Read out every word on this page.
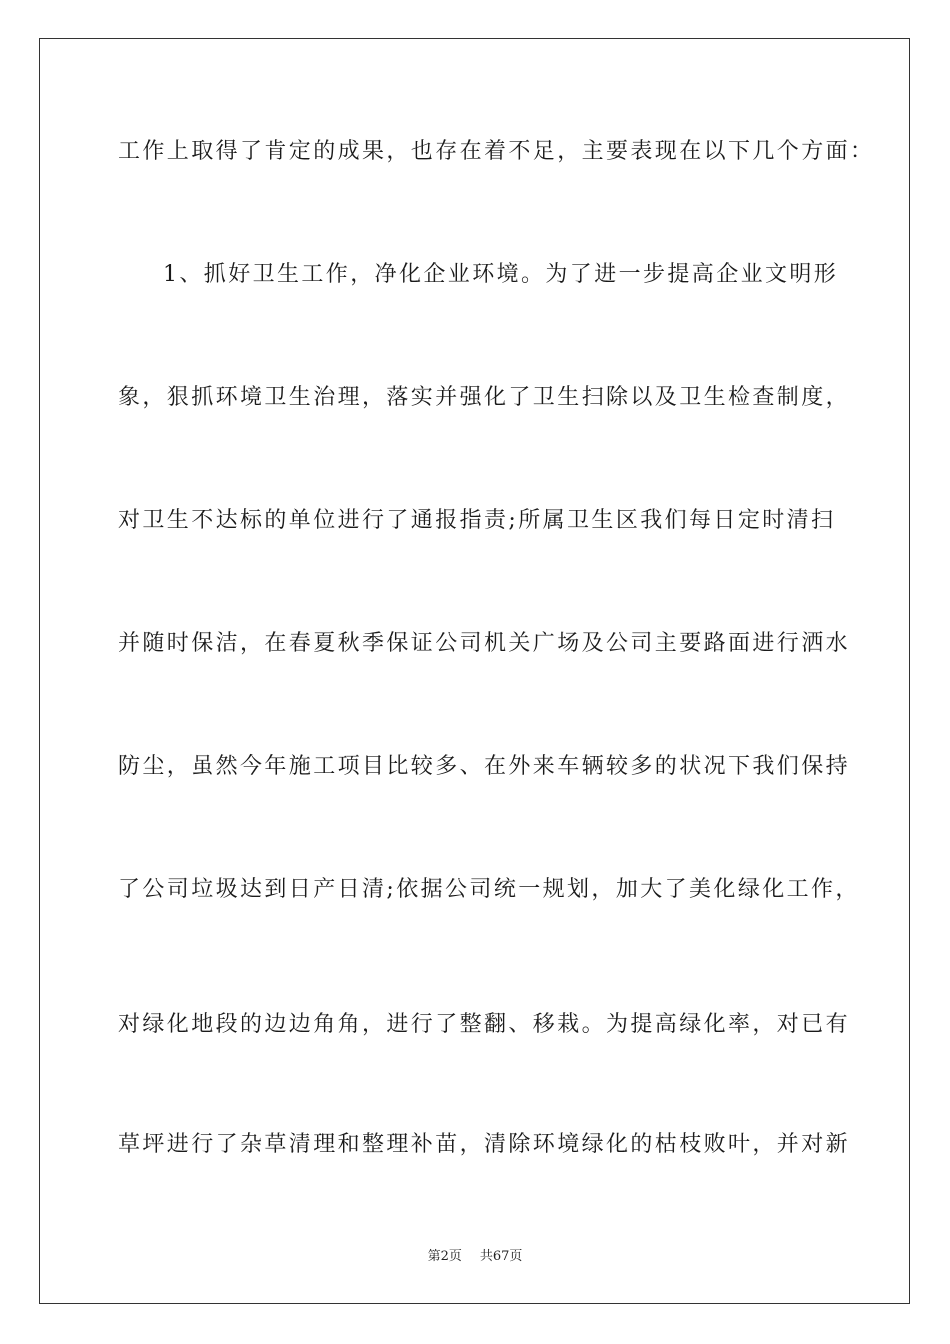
工作上取得了肯定的成果，也存在着不足，主要表现在以下几个方面：
1、抓好卫生工作，净化企业环境。为了进一步提高企业文明形
象，狠抓环境卫生治理，落实并强化了卫生扫除以及卫生检查制度，
对卫生不达标的单位进行了通报指责;所属卫生区我们每日定时清扫
并随时保洁，在春夏秋季保证公司机关广场及公司主要路面进行洒水
防尘，虽然今年施工项目比较多、在外来车辆较多的状况下我们保持
了公司垃圾达到日产日清;依据公司统一规划，加大了美化绿化工作，
对绿化地段的边边角角，进行了整翻、移栽。为提高绿化率，对已有
草坪进行了杂草清理和整理补苗，清除环境绿化的枯枝败叶，并对新
第2页 共67页
